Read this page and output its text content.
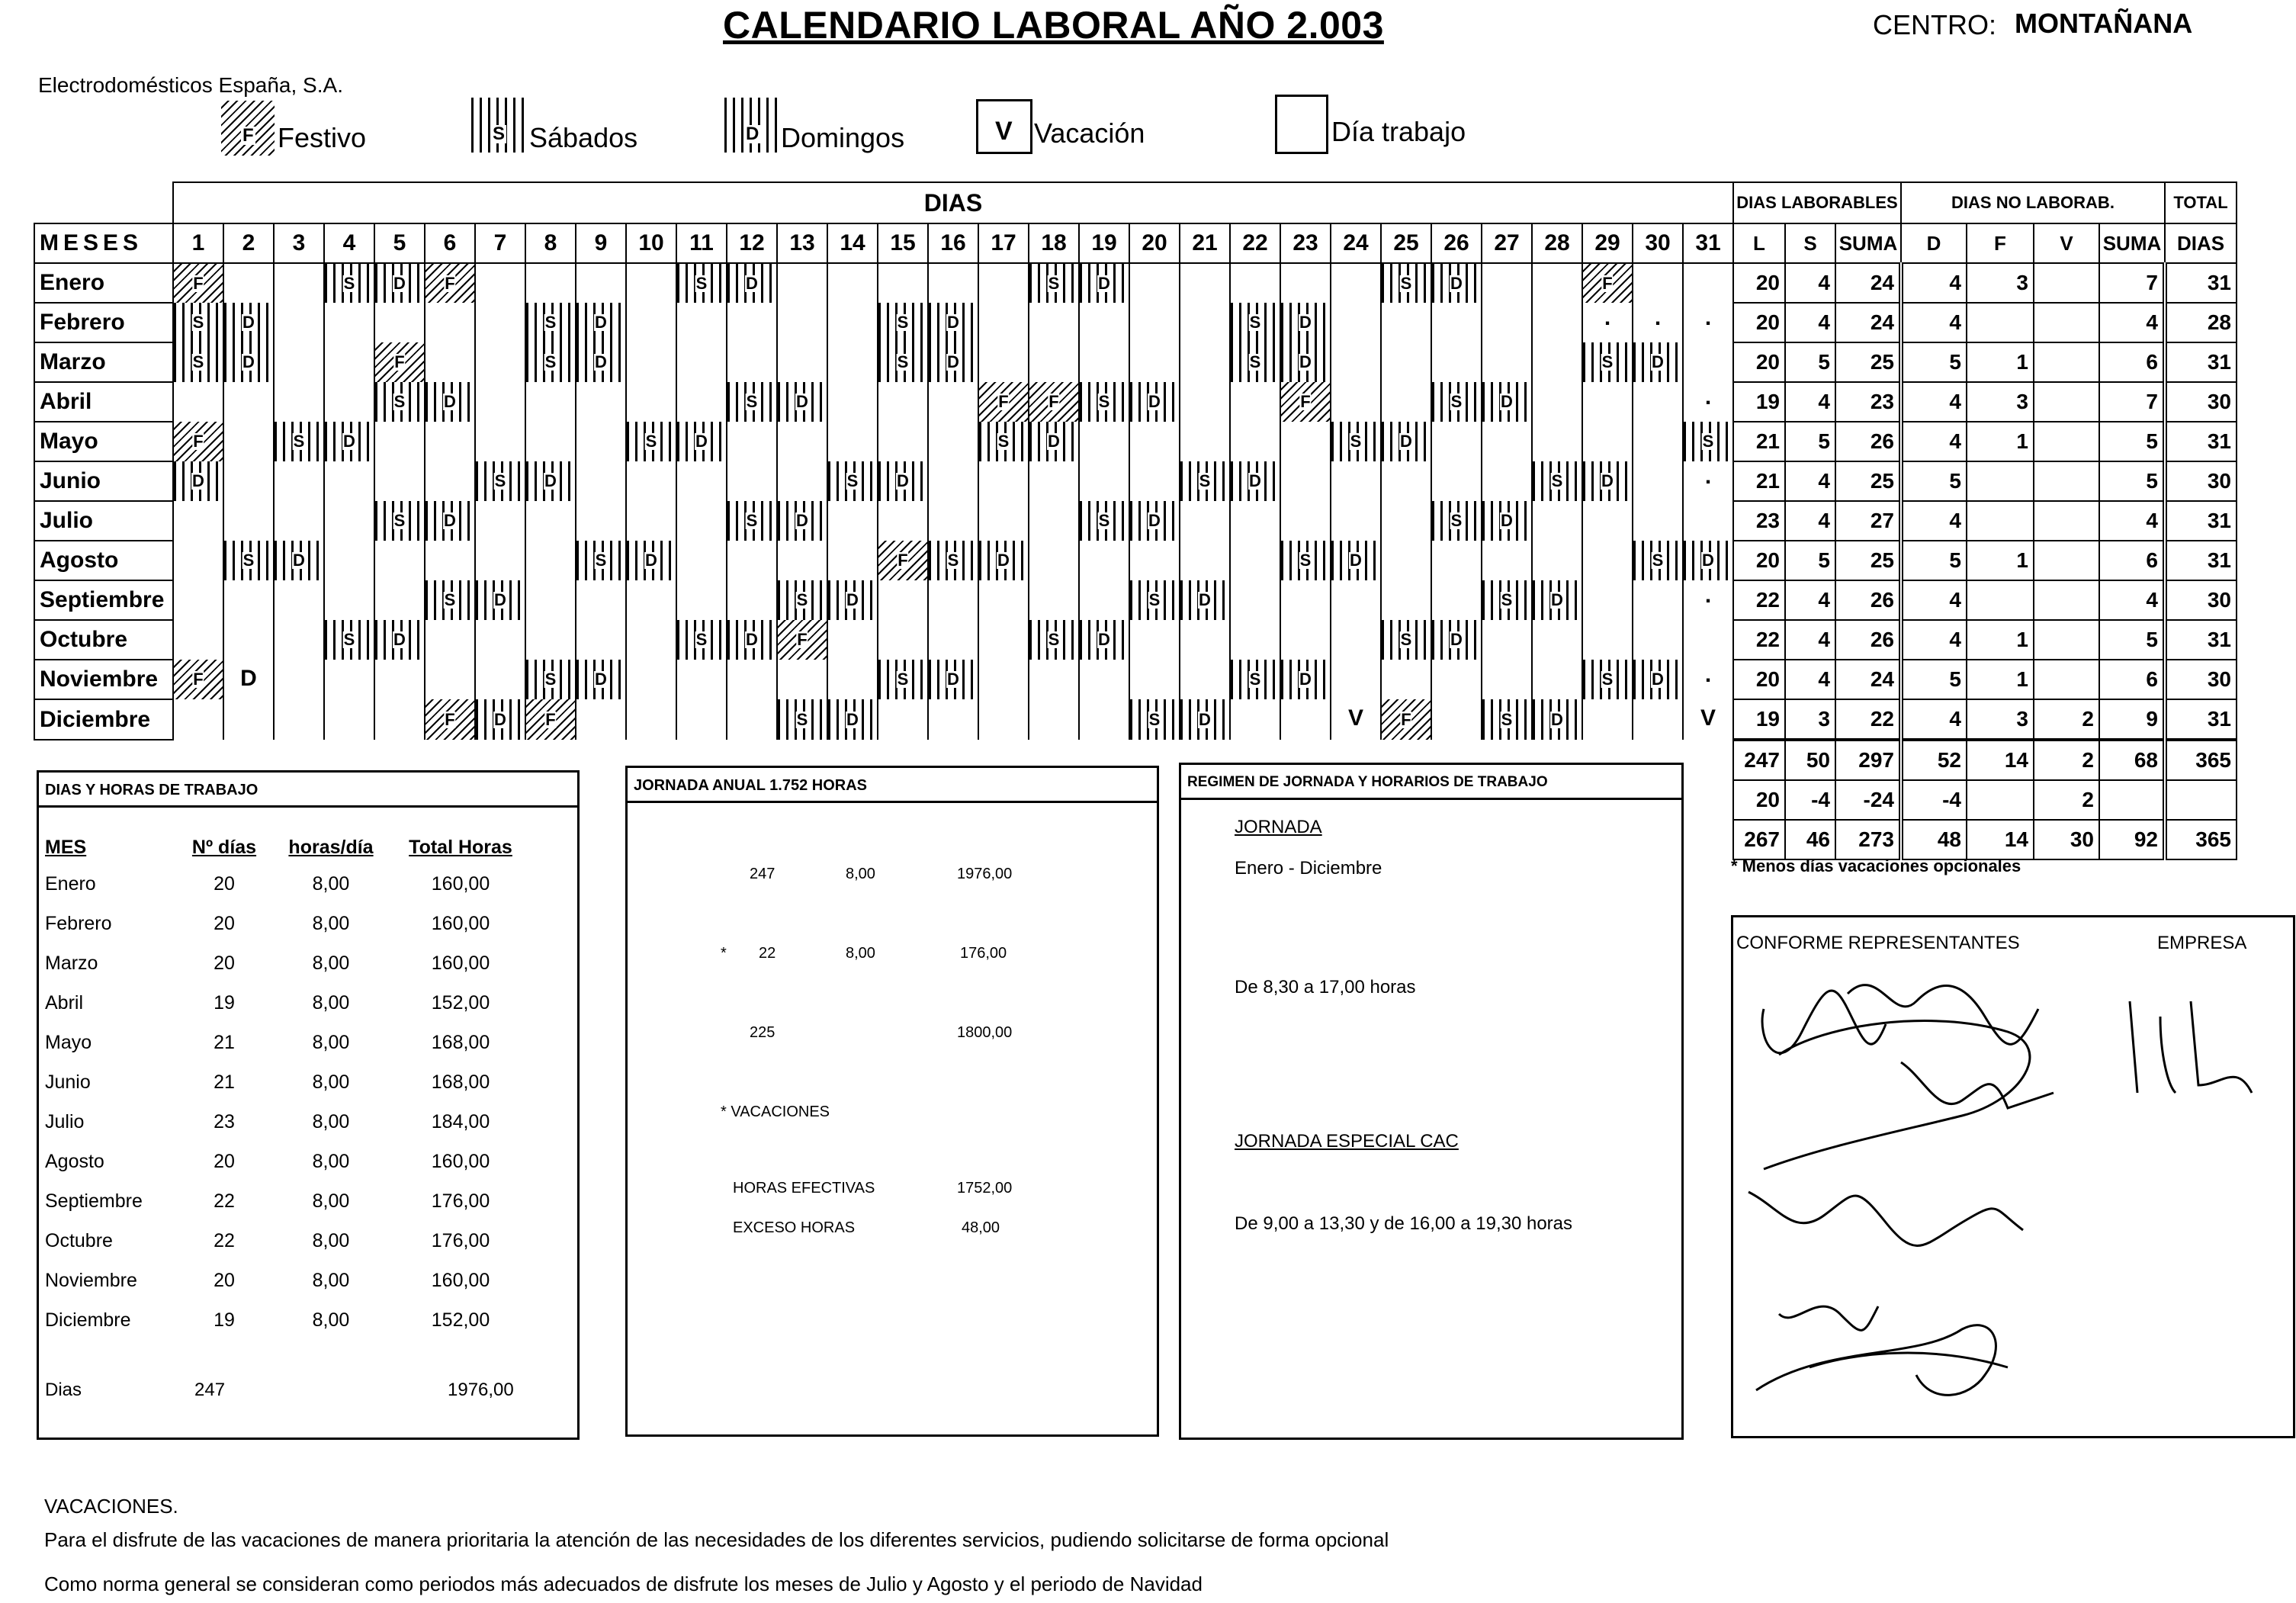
CALENDARIO LABORAL AÑO 2.003	CENTRO: MONTAÑANA
Electrodomésticos España, S.A.
F Festivo	S Sábados	D Domingos	V Vacación	Día trabajo
	DIAS																															DIAS LABORABLES			DIAS NO LABORAB.				TOTAL
MESES	1	2	3	4	5	6	7	8	9	10	11	12	13	14	15	16	17	18	19	20	21	22	23	24	25	26	27	28	29	30	31	L	S	SUMA	D	F	V	SUMA	DIAS
Enero	F			S	D	F					S	D						S	D						S	D			F			20	4	24	4	3		7	31
Febrero	S	D						S	D						S	D						S	D						.	.	.	20	4	24	4			4	28
Marzo	S	D			F			S	D						S	D						S	D						S	D		20	5	25	5	1		6	31
Abril					S	D						S	D				F	F	S	D			F			S	D				.	19	4	23	4	3		7	30
Mayo	F		S	D						S	D						S	D						S	D						S	21	5	26	4	1		5	31
Junio	D						S	D						S	D						S	D						S	D		.	21	4	25	5			5	30
Julio					S	D						S	D						S	D						S	D					23	4	27	4			4	31
Agosto		S	D						S	D					F	S	D						S	D						S	D	20	5	25	5	1		6	31
Septiembre						S	D						S	D						S	D						S	D			.	22	4	26	4			4	30
Octubre				S	D						S	D	F					S	D						S	D						22	4	26	4	1		5	31
Noviembre	F	D						S	D						S	D						S	D						S	D	.	20	4	24	5	1		6	30
Diciembre						F	D	F					S	D						S	D			V	F		S	D			V	19	3	22	4	3	2	9	31
																																247	50	297	52	14	2	68	365
																																20	-4	-24	-4		2		
																																267	46	273	48	14	30	92	365
* Menos días vacaciones opcionales
DIAS Y HORAS DE TRABAJO
MES	Nº días	horas/día	Total Horas
Enero	20	8,00	160,00
Febrero	20	8,00	160,00
Marzo	20	8,00	160,00
Abril	19	8,00	152,00
Mayo	21	8,00	168,00
Junio	21	8,00	168,00
Julio	23	8,00	184,00
Agosto	20	8,00	160,00
Septiembre	22	8,00	176,00
Octubre	22	8,00	176,00
Noviembre	20	8,00	160,00
Diciembre	19	8,00	152,00
Dias	247	1976,00
JORNADA ANUAL 1.752 HORAS
247	8,00	1976,00
* 22	8,00	176,00
225	1800,00
* VACACIONES
HORAS EFECTIVAS	1752,00
EXCESO HORAS	48,00
REGIMEN DE JORNADA Y HORARIOS DE TRABAJO
JORNADA
Enero - Diciembre
De 8,30 a 17,00 horas
JORNADA ESPECIAL CAC
De 9,00 a 13,30 y de 16,00 a 19,30 horas
CONFORME REPRESENTANTES	EMPRESA
VACACIONES.
Para el disfrute de las vacaciones de manera prioritaria la atención de las necesidades de los diferentes servicios, pudiendo solicitarse de forma opcional
Como norma general se consideran como periodos más adecuados de disfrute los meses de Julio y Agosto y el periodo de Navidad
